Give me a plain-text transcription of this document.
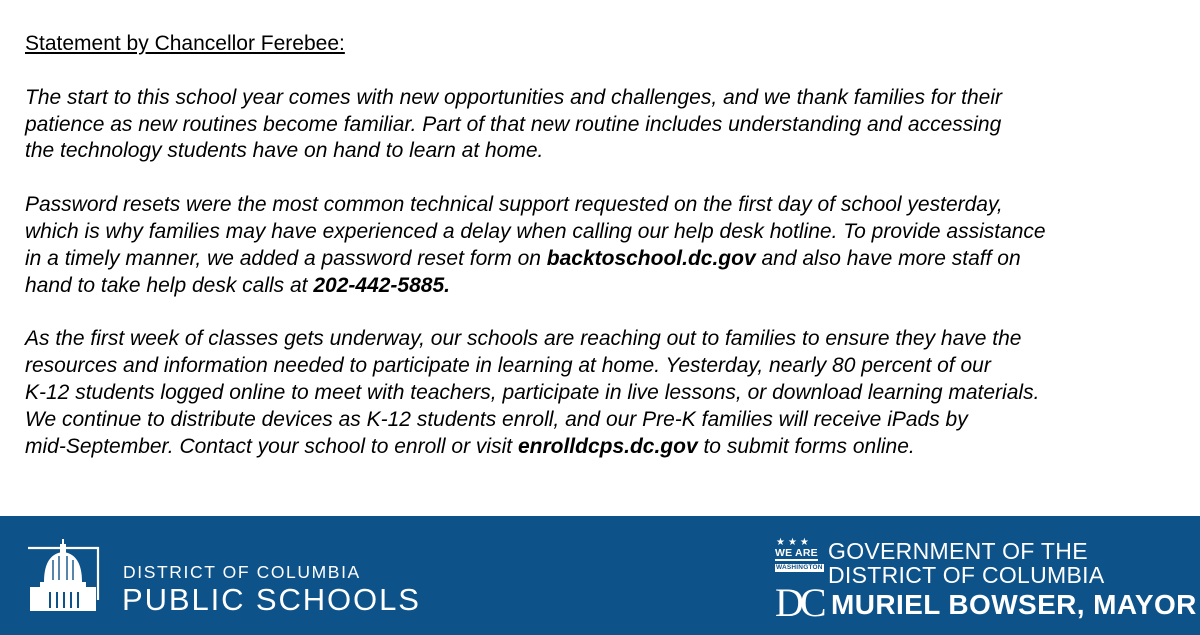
Statement by Chancellor Ferebee:

The start to this school year comes with new opportunities and challenges, and we thank families for their
patience as new routines become familiar. Part of that new routine includes understanding and accessing
the technology students have on hand to learn at home.

Password resets were the most common technical support requested on the first day of school yesterday,
which is why families may have experienced a delay when calling our help desk hotline. To provide assistance
in a timely manner, we added a password reset form on backtoschool.dc.gov and also have more staff on
hand to take help desk calls at 202-442-5885.

As the first week of classes gets underway, our schools are reaching out to families to ensure they have the
resources and information needed to participate in learning at home. Yesterday, nearly 80 percent of our
K-12 students logged online to meet with teachers, participate in live lessons, or download learning materials.
We continue to distribute devices as K-12 students enroll, and our Pre-K families will receive iPads by
mid-September. Contact your school to enroll or visit enrolldcps.dc.gov to submit forms online.

DISTRICT OF COLUMBIA
PUBLIC SCHOOLS
★★★
WE ARE
WASHINGTON
DC
GOVERNMENT OF THE
DISTRICT OF COLUMBIA
MURIEL BOWSER, MAYOR
